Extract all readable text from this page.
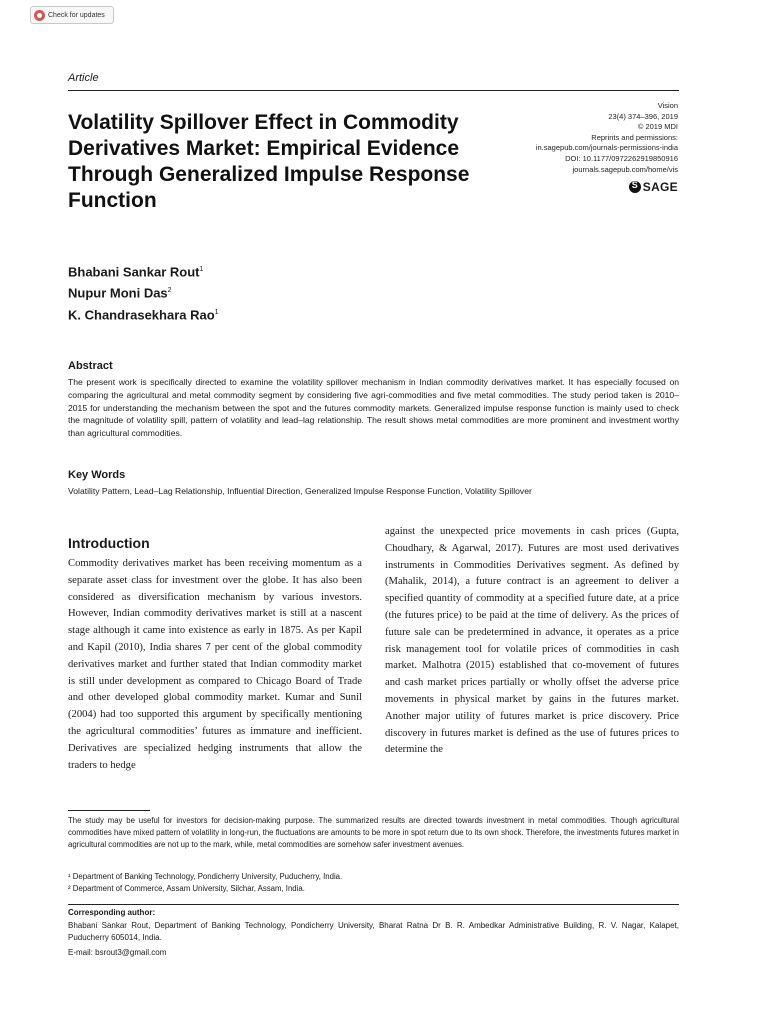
Check for updates
Article
Volatility Spillover Effect in Commodity Derivatives Market: Empirical Evidence Through Generalized Impulse Response Function
Vision
23(4) 374–396, 2019
© 2019 MDI
Reprints and permissions:
in.sagepub.com/journals-permissions-india
DOI: 10.1177/0972262919850916
journals.sagepub.com/home/vis
S
SAGE
Bhabani Sankar Rout$^1$
Nupur Moni Das$^2$
K. Chandrasekhara Rao$^1$
Abstract

The present work is specifically directed to examine the volatility spillover mechanism in Indian commodity derivatives market. It has especially focused on comparing the agricultural and metal commodity segment by considering five agri-commodities and five metal commodities. The study period taken is 2010–2015 for understanding the mechanism between the spot and the futures commodity markets. Generalized impulse response function is mainly used to check the magnitude of volatility spill, pattern of volatility and lead–lag relationship. The result shows metal commodities are more prominent and investment worthy than agricultural commodities.

Key Words

Volatility Pattern, Lead–Lag Relationship, Influential Direction, Generalized Impulse Response Function, Volatility Spillover

Introduction

Commodity derivatives market has been receiving momentum as a separate asset class for investment over the globe. It has also been considered as diversification mechanism by various investors. However, Indian commodity derivatives market is still at a nascent stage although it came into existence as early in 1875. As per Kapil and Kapil (2010), India shares 7 per cent of the global commodity derivatives market and further stated that Indian commodity market is still under development as compared to Chicago Board of Trade and other developed global commodity market. Kumar and Sunil (2004) had too supported this argument by specifically mentioning the agricultural commodities’ futures as immature and inefficient. Derivatives are specialized hedging instruments that allow the traders to hedge

against the unexpected price movements in cash prices (Gupta, Choudhary, & Agarwal, 2017). Futures are most used derivatives instruments in Commodities Derivatives segment. As defined by (Mahalik, 2014), a future contract is an agreement to deliver a specified quantity of commodity at a specified future date, at a price (the futures price) to be paid at the time of delivery. As the prices of future sale can be predetermined in advance, it operates as a price risk management tool for volatile prices of commodities in cash market. Malhotra (2015) established that co-movement of futures and cash market prices partially or wholly offset the adverse price movements in physical market by gains in the futures market. Another major utility of futures market is price discovery. Price discovery in futures market is defined as the use of futures prices to determine the

The study may be useful for investors for decision-making purpose. The summarized results are directed towards investment in metal commodities. Though agricultural commodities have mixed pattern of volatility in long-run, the fluctuations are amounts to be more in spot return due to its own shock. Therefore, the investments futures market in agricultural commodities are not up to the mark, while, metal commodities are somehow safer investment avenues.

¹ Department of Banking Technology, Pondicherry University, Puducherry, India.
² Department of Commerce, Assam University, Silchar, Assam, India.
Corresponding author:

Bhabani Sankar Rout, Department of Banking Technology, Pondicherry University, Bharat Ratna Dr B. R. Ambedkar Administrative Building, R. V. Nagar, Kalapet, Puducherry 605014, India.

E-mail: bsrout3@gmail.com
